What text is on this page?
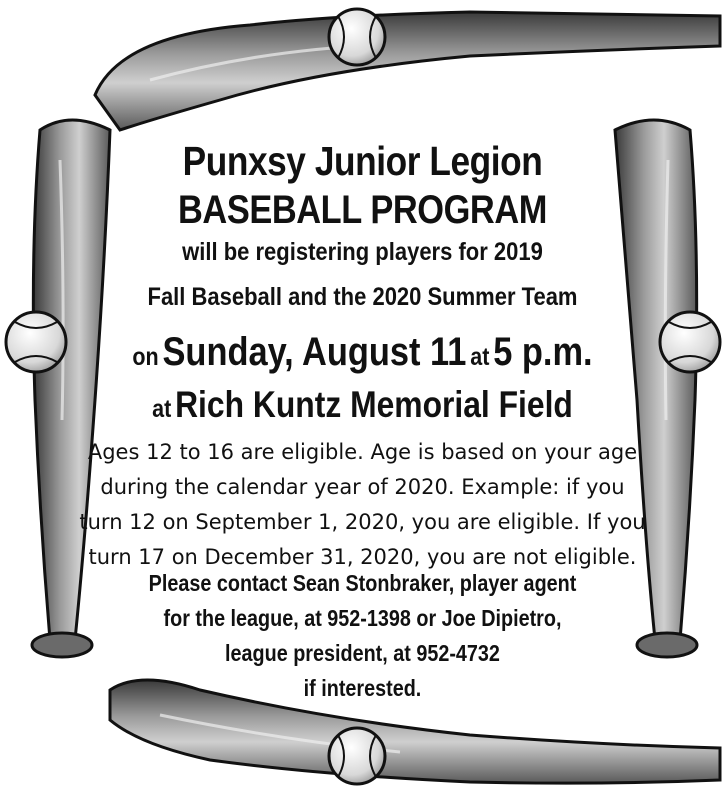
Punxsy Junior Legion
BASEBALL PROGRAM
will be registering players for 2019
Fall Baseball and the 2020 Summer Team
on Sunday, August 11 at 5 p.m.
at Rich Kuntz Memorial Field
Ages 12 to 16 are eligible. Age is based on your age
during the calendar year of 2020. Example: if you
turn 12 on September 1, 2020, you are eligible. If you
turn 17 on December 31, 2020, you are not eligible.
Please contact Sean Stonbraker, player agent
for the league, at 952-1398 or Joe Dipietro,
league president, at 952-4732
if interested.
